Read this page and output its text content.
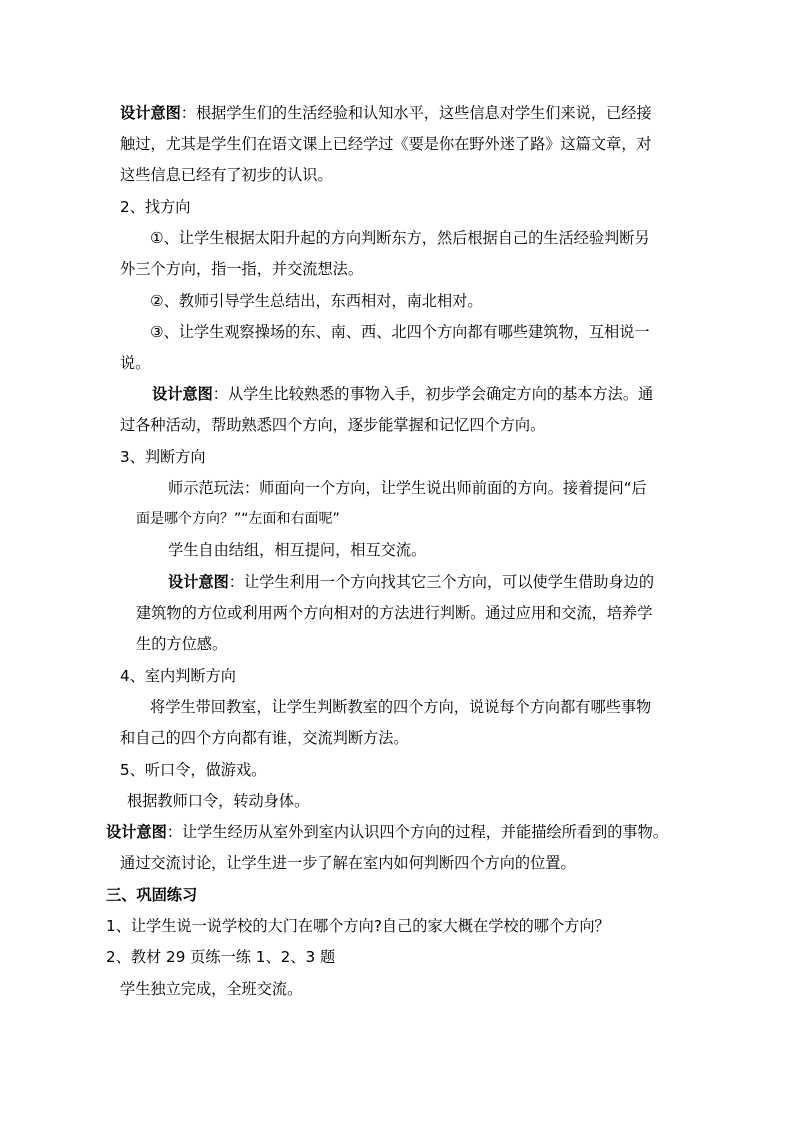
设计意图：根据学生们的生活经验和认知水平，这些信息对学生们来说，已经接
触过，尤其是学生们在语文课上已经学过《要是你在野外迷了路》这篇文章，对
这些信息已经有了初步的认识。
2、找方向
①、让学生根据太阳升起的方向判断东方，然后根据自己的生活经验判断另
外三个方向，指一指，并交流想法。
②、教师引导学生总结出，东西相对，南北相对。
③、让学生观察操场的东、南、西、北四个方向都有哪些建筑物，互相说一
说。
设计意图：从学生比较熟悉的事物入手，初步学会确定方向的基本方法。通
过各种活动，帮助熟悉四个方向，逐步能掌握和记忆四个方向。
3、判断方向
师示范玩法：师面向一个方向，让学生说出师前面的方向。接着提问“后
面是哪个方向？”“左面和右面呢”
学生自由结组，相互提问，相互交流。
设计意图：让学生利用一个方向找其它三个方向，可以使学生借助身边的
建筑物的方位或利用两个方向相对的方法进行判断。通过应用和交流，培养学
生的方位感。
4、室内判断方向
将学生带回教室，让学生判断教室的四个方向，说说每个方向都有哪些事物
和自己的四个方向都有谁，交流判断方法。
5、听口令，做游戏。
根据教师口令，转动身体。
设计意图：让学生经历从室外到室内认识四个方向的过程，并能描绘所看到的事物。
通过交流讨论，让学生进一步了解在室内如何判断四个方向的位置。
三、巩固练习
1、让学生说一说学校的大门在哪个方向?自己的家大概在学校的哪个方向？
2、教材 29 页练一练 1、2、3 题
学生独立完成，全班交流。
